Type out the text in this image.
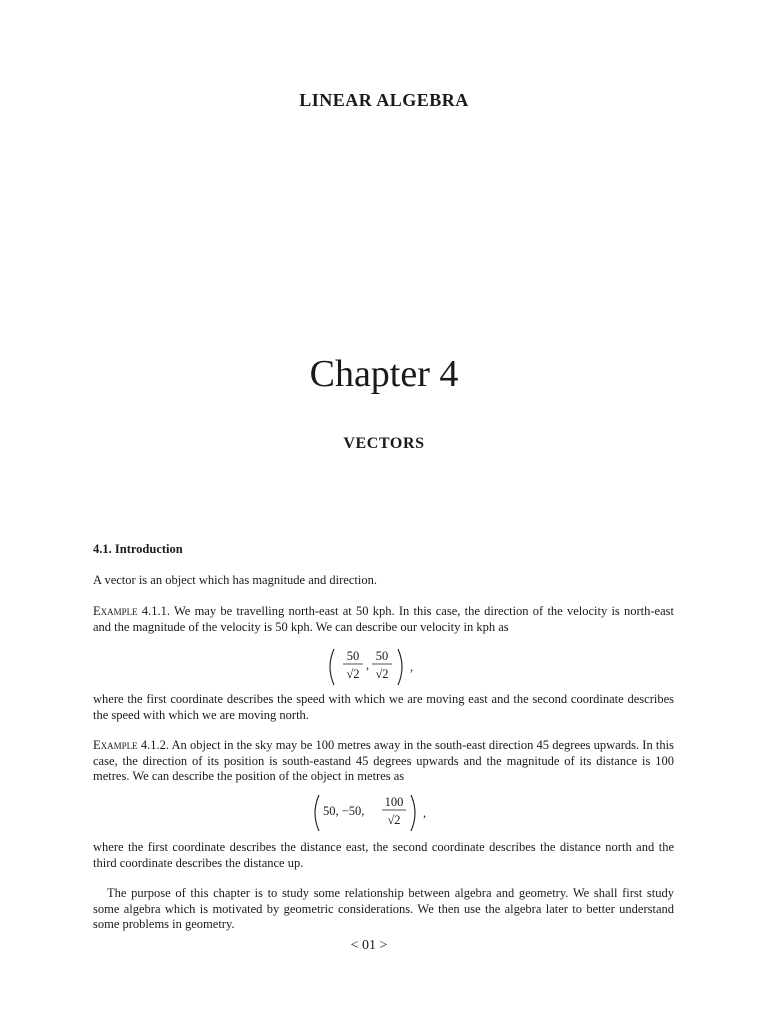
LINEAR ALGEBRA
Chapter 4
VECTORS
4.1. Introduction
A vector is an object which has magnitude and direction.
Example 4.1.1. We may be travelling north-east at 50 kph. In this case, the direction of the velocity is north-east and the magnitude of the velocity is 50 kph. We can describe our velocity in kph as
50
√2
,
50
√2 ,
where the first coordinate describes the speed with which we are moving east and the second coordinate describes the speed with which we are moving north.
Example 4.1.2. An object in the sky may be 100 metres away in the south-east direction 45 degrees upwards. In this case, the direction of its position is south-eastand 45 degrees upwards and the magnitude of its distance is 100 metres. We can describe the position of the object in metres as
50, −50,
100
√2 ,
where the first coordinate describes the distance east, the second coordinate describes the distance north and the third coordinate describes the distance up.
The purpose of this chapter is to study some relationship between algebra and geometry. We shall first study some algebra which is motivated by geometric considerations. We then use the algebra later to better understand some problems in geometry.
< 01 >
